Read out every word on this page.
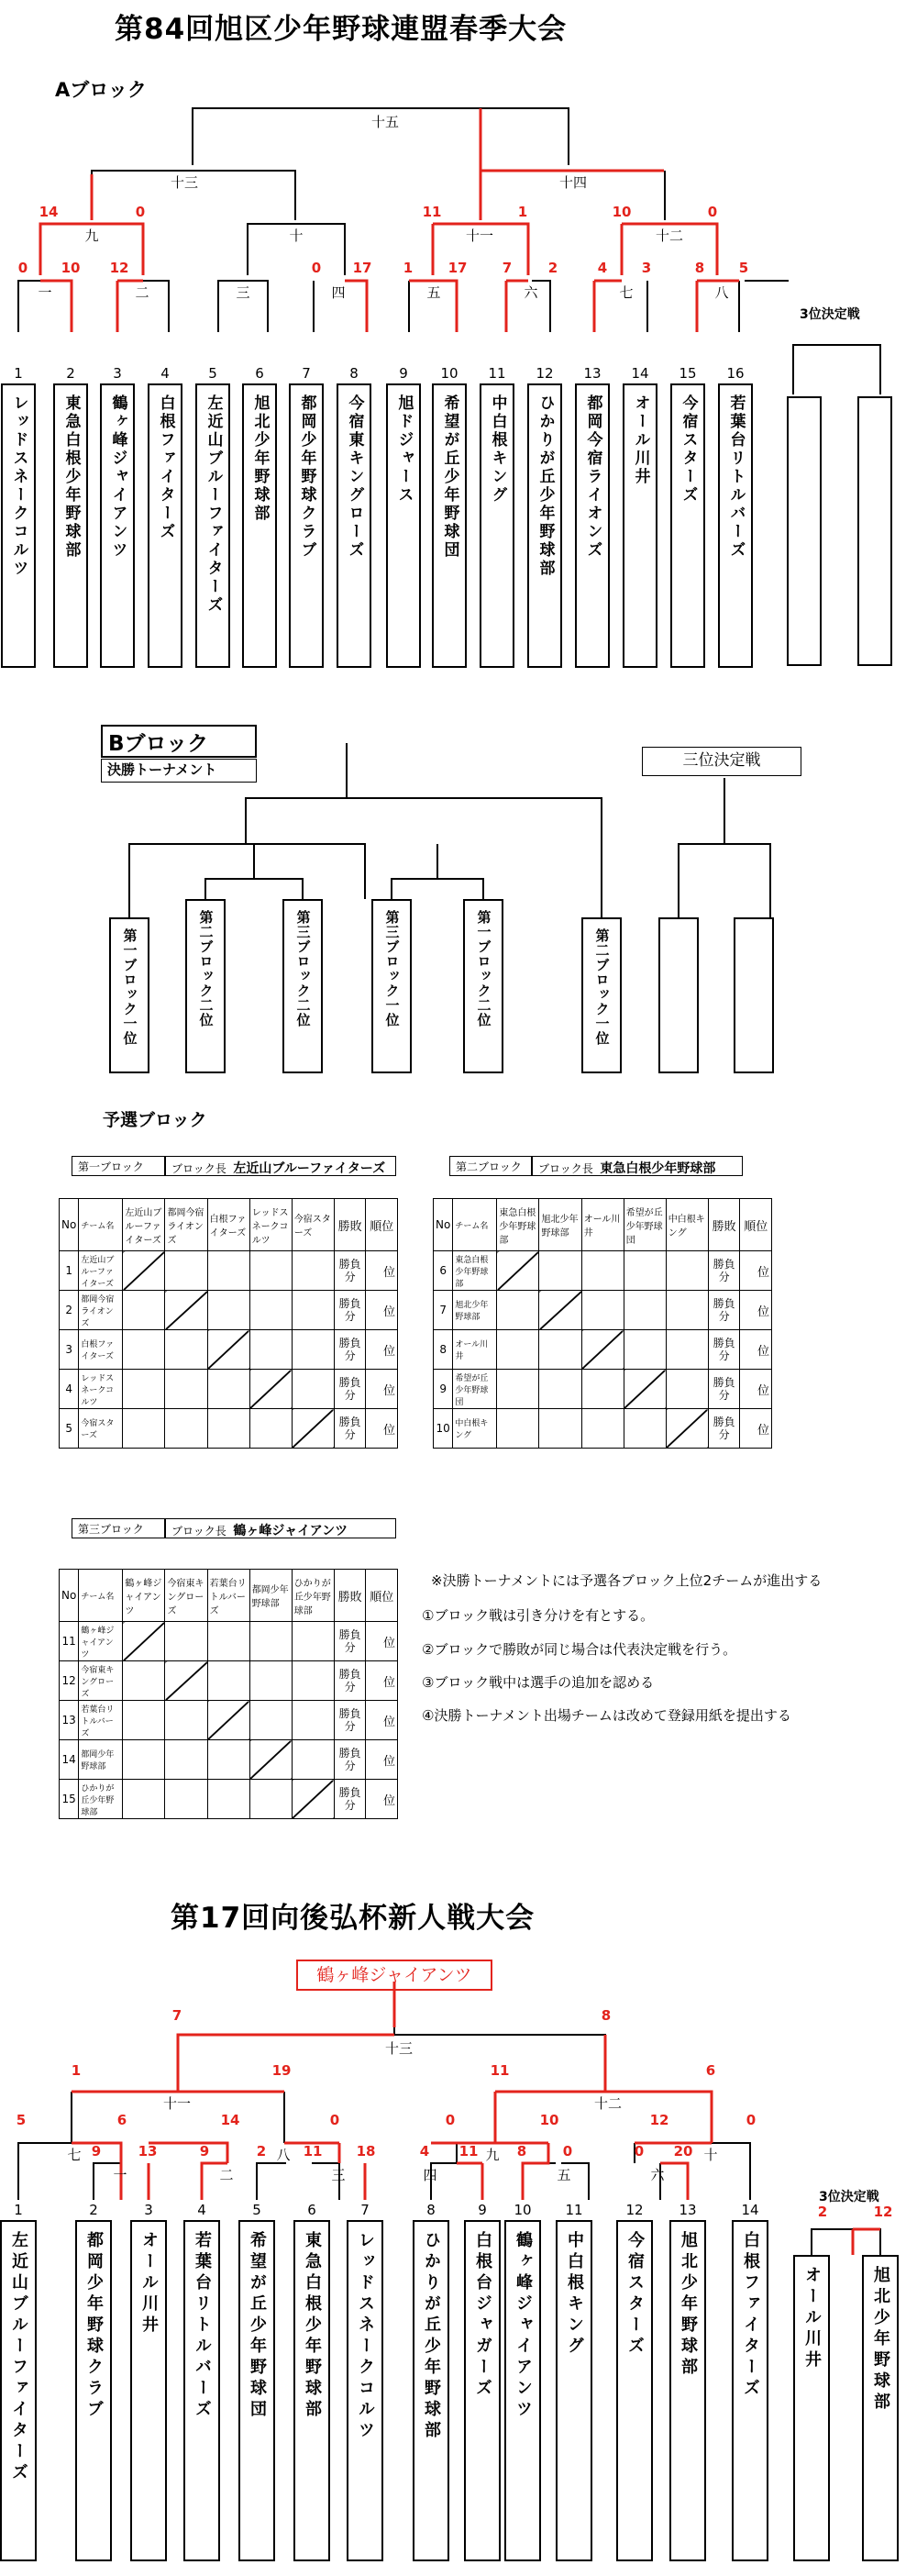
第84回旭区少年野球連盟春季大会
Aブロック
十五
十三	十四
九	十	十一	十二
一	二	三	四	五	六	七	八
14	0	11	1	10	0
0	10	12	0	17	1	17	7	2	4	3	8	5
3位決定戦
1
レッドスネークコルツ
2
東急白根少年野球部
3
鶴ヶ峰ジャイアンツ
4
白根ファイターズ
5
左近山ブルーファイターズ
6
旭北少年野球部
7
都岡少年野球クラブ
8
今宿東キングローズ
9
旭ドジャース
10
希望が丘少年野球団
11
中白根キング
12
ひかりが丘少年野球部
13
都岡今宿ライオンズ
14
オール川井
15
今宿スターズ
16
若葉台リトルバーズ
Bブロック
決勝トーナメント	三位決定戦
第一ブロック一位	第二ブロック二位	第三ブロック二位	第三ブロック一位	第一ブロック二位	第二ブロック一位
予選ブロック
第一ブロック	ブロック長 左近山ブルーファイターズ
No	チーム名	左近山ブルーファイターズ	都岡今宿ライオンズ	白根ファイターズ	レッドスネークコルツ	今宿スターズ	勝敗	順位
1	左近山ブルーファイターズ						勝負分	位
2	都岡今宿ライオンズ						勝負分	位
3	白根ファイターズ						勝負分	位
4	レッドスネークコルツ						勝負分	位
5	今宿スターズ						勝負分	位
第二ブロック	ブロック長 東急白根少年野球部
No	チーム名	東急白根少年野球部	旭北少年野球部	オール川井	希望が丘少年野球団	中白根キング	勝敗	順位
6	東急白根少年野球部						勝負分	位
7	旭北少年野球部						勝負分	位
8	オール川井						勝負分	位
9	希望が丘少年野球団						勝負分	位
10	中白根キング						勝負分	位
第三ブロック	ブロック長 鶴ヶ峰ジャイアンツ
No	チーム名	鶴ヶ峰ジャイアンツ	今宿東キングローズ	若葉台リトルバーズ	都岡少年野球部	ひかりが丘少年野球部	勝敗	順位
11	鶴ヶ峰ジャイアンツ						勝負分	位
12	今宿東キングローズ						勝負分	位
13	若葉台リトルバーズ						勝負分	位
14	都岡少年野球部						勝負分	位
15	ひかりが丘少年野球部						勝負分	位
※決勝トーナメントには予選各ブロック上位2チームが進出する
①ブロック戦は引き分けを有とする。
②ブロックで勝敗が同じ場合は代表決定戦を行う。
③ブロック戦中は選手の追加を認める
④決勝トーナメント出場チームは改めて登録用紙を提出する
第17回向後弘杯新人戦大会
鶴ヶ峰ジャイアンツ
十三
十一	十二
七	八	九	十
一	二	三	四	五	六
7	8
1	19	11	6
5	6
9	13
14	0
9	2	11	18
0	10	12	0
4	11	8	0	0	20
3位決定戦
2	12
1
左近山ブルーファイターズ
2
都岡少年野球クラブ
3
オール川井
4
若葉台リトルバーズ
5
希望が丘少年野球団
6
東急白根少年野球部
7
レッドスネークコルツ
8
ひかりが丘少年野球部
9
白根台ジャガーズ
10
鶴ヶ峰ジャイアンツ
11
中白根キング
12
今宿スターズ
13
旭北少年野球部
14
白根ファイターズ	オール川井	旭北少年野球部
